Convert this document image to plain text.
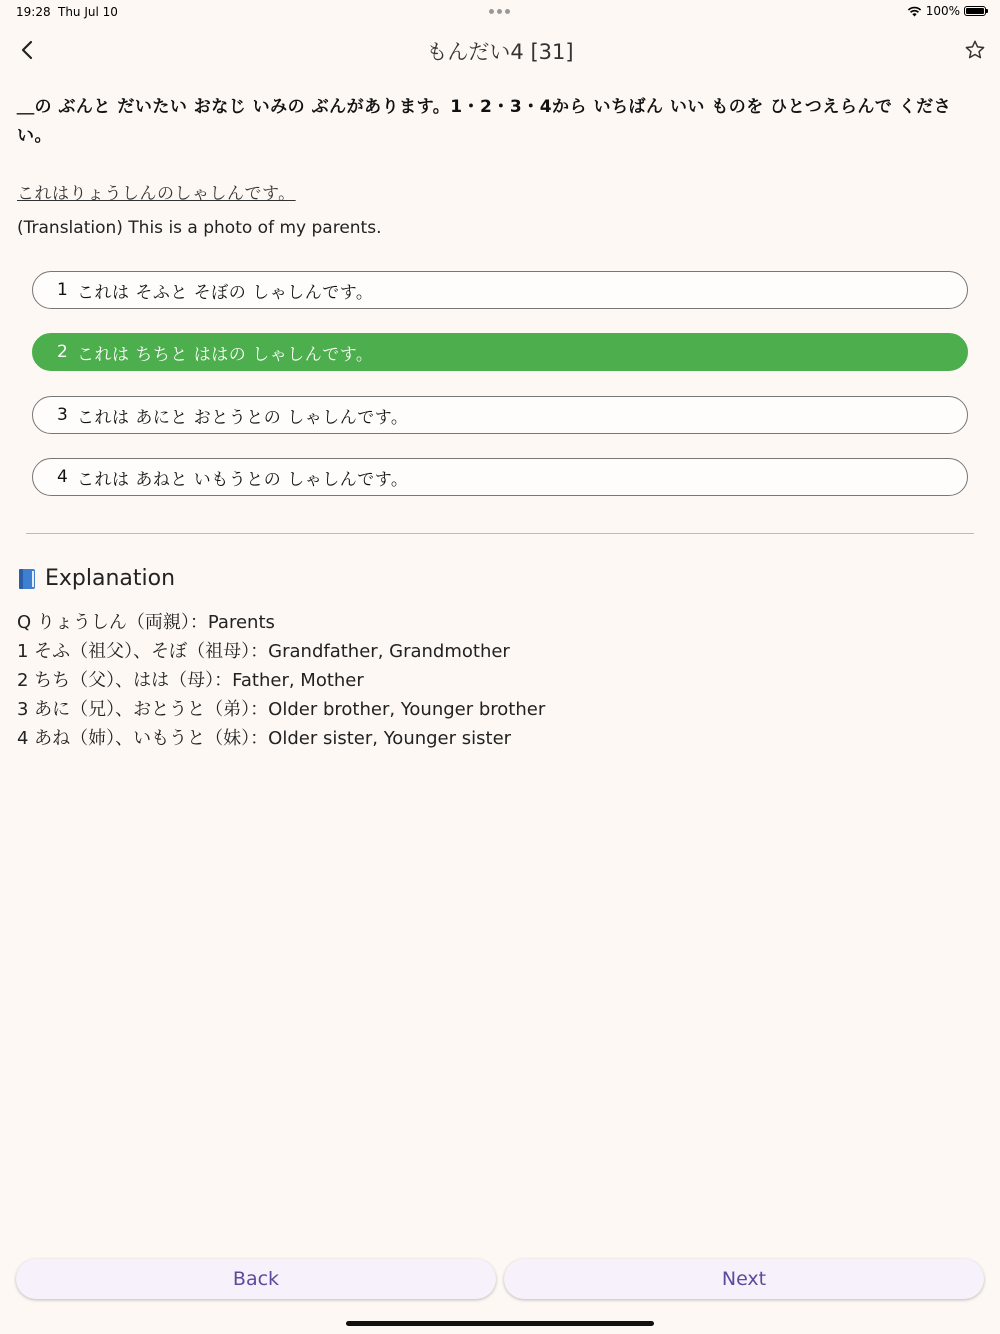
19:28 Thu Jul 10	100%
もんだい4 [31]
＿の ぶんと だいたい おなじ いみの ぶんがあります。1・2・3・4から いちばん いい ものを ひとつえらんで ください。
これはりょうしんのしゃしんです。
(Translation) This is a photo of my parents.
1 これは そふと そぼの しゃしんです。
2 これは ちちと ははの しゃしんです。
3 これは あにと おとうとの しゃしんです。
4 これは あねと いもうとの しゃしんです。
Explanation
Q りょうしん（両親）：Parents
1 そふ（祖父）、そぼ（祖母）：Grandfather, Grandmother
2 ちち（父）、はは（母）：Father, Mother
3 あに（兄）、おとうと（弟）：Older brother, Younger brother
4 あね（姉）、いもうと（妹）：Older sister, Younger sister
Back	Next
